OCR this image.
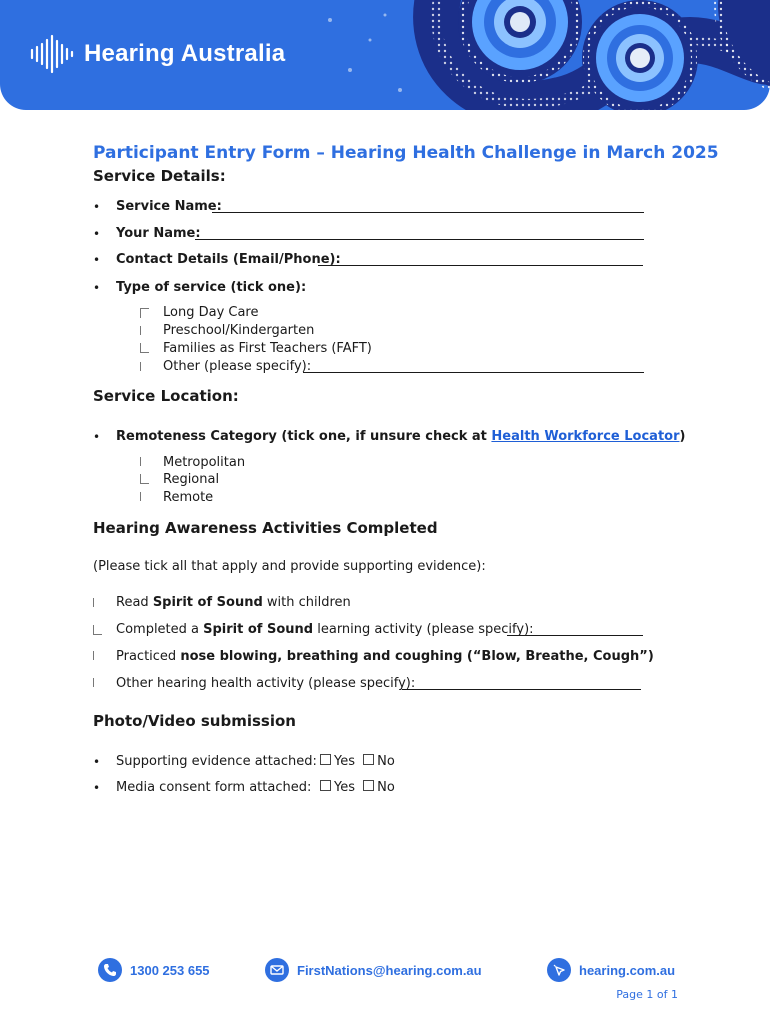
Hearing Australia
Participant Entry Form – Hearing Health Challenge in March 2025
Service Details:
• Service Name:
• Your Name:
• Contact Details (Email/Phone):
• Type of service (tick one):
Long Day Care
Preschool/Kindergarten
Families as First Teachers (FAFT)
Other (please specify):
Service Location:
• Remoteness Category (tick one, if unsure check at Health Workforce Locator)
Metropolitan
Regional
Remote
Hearing Awareness Activities Completed
(Please tick all that apply and provide supporting evidence):
Read Spirit of Sound with children
Completed a Spirit of Sound learning activity (please specify):
Practiced nose blowing, breathing and coughing (“Blow, Breathe, Cough”)
Other hearing health activity (please specify):
Photo/Video submission
• Supporting evidence attached:	Yes No
• Media consent form attached:	Yes No
1300 253 655	FirstNations@hearing.com.au	hearing.com.au
Page 1 of 1
